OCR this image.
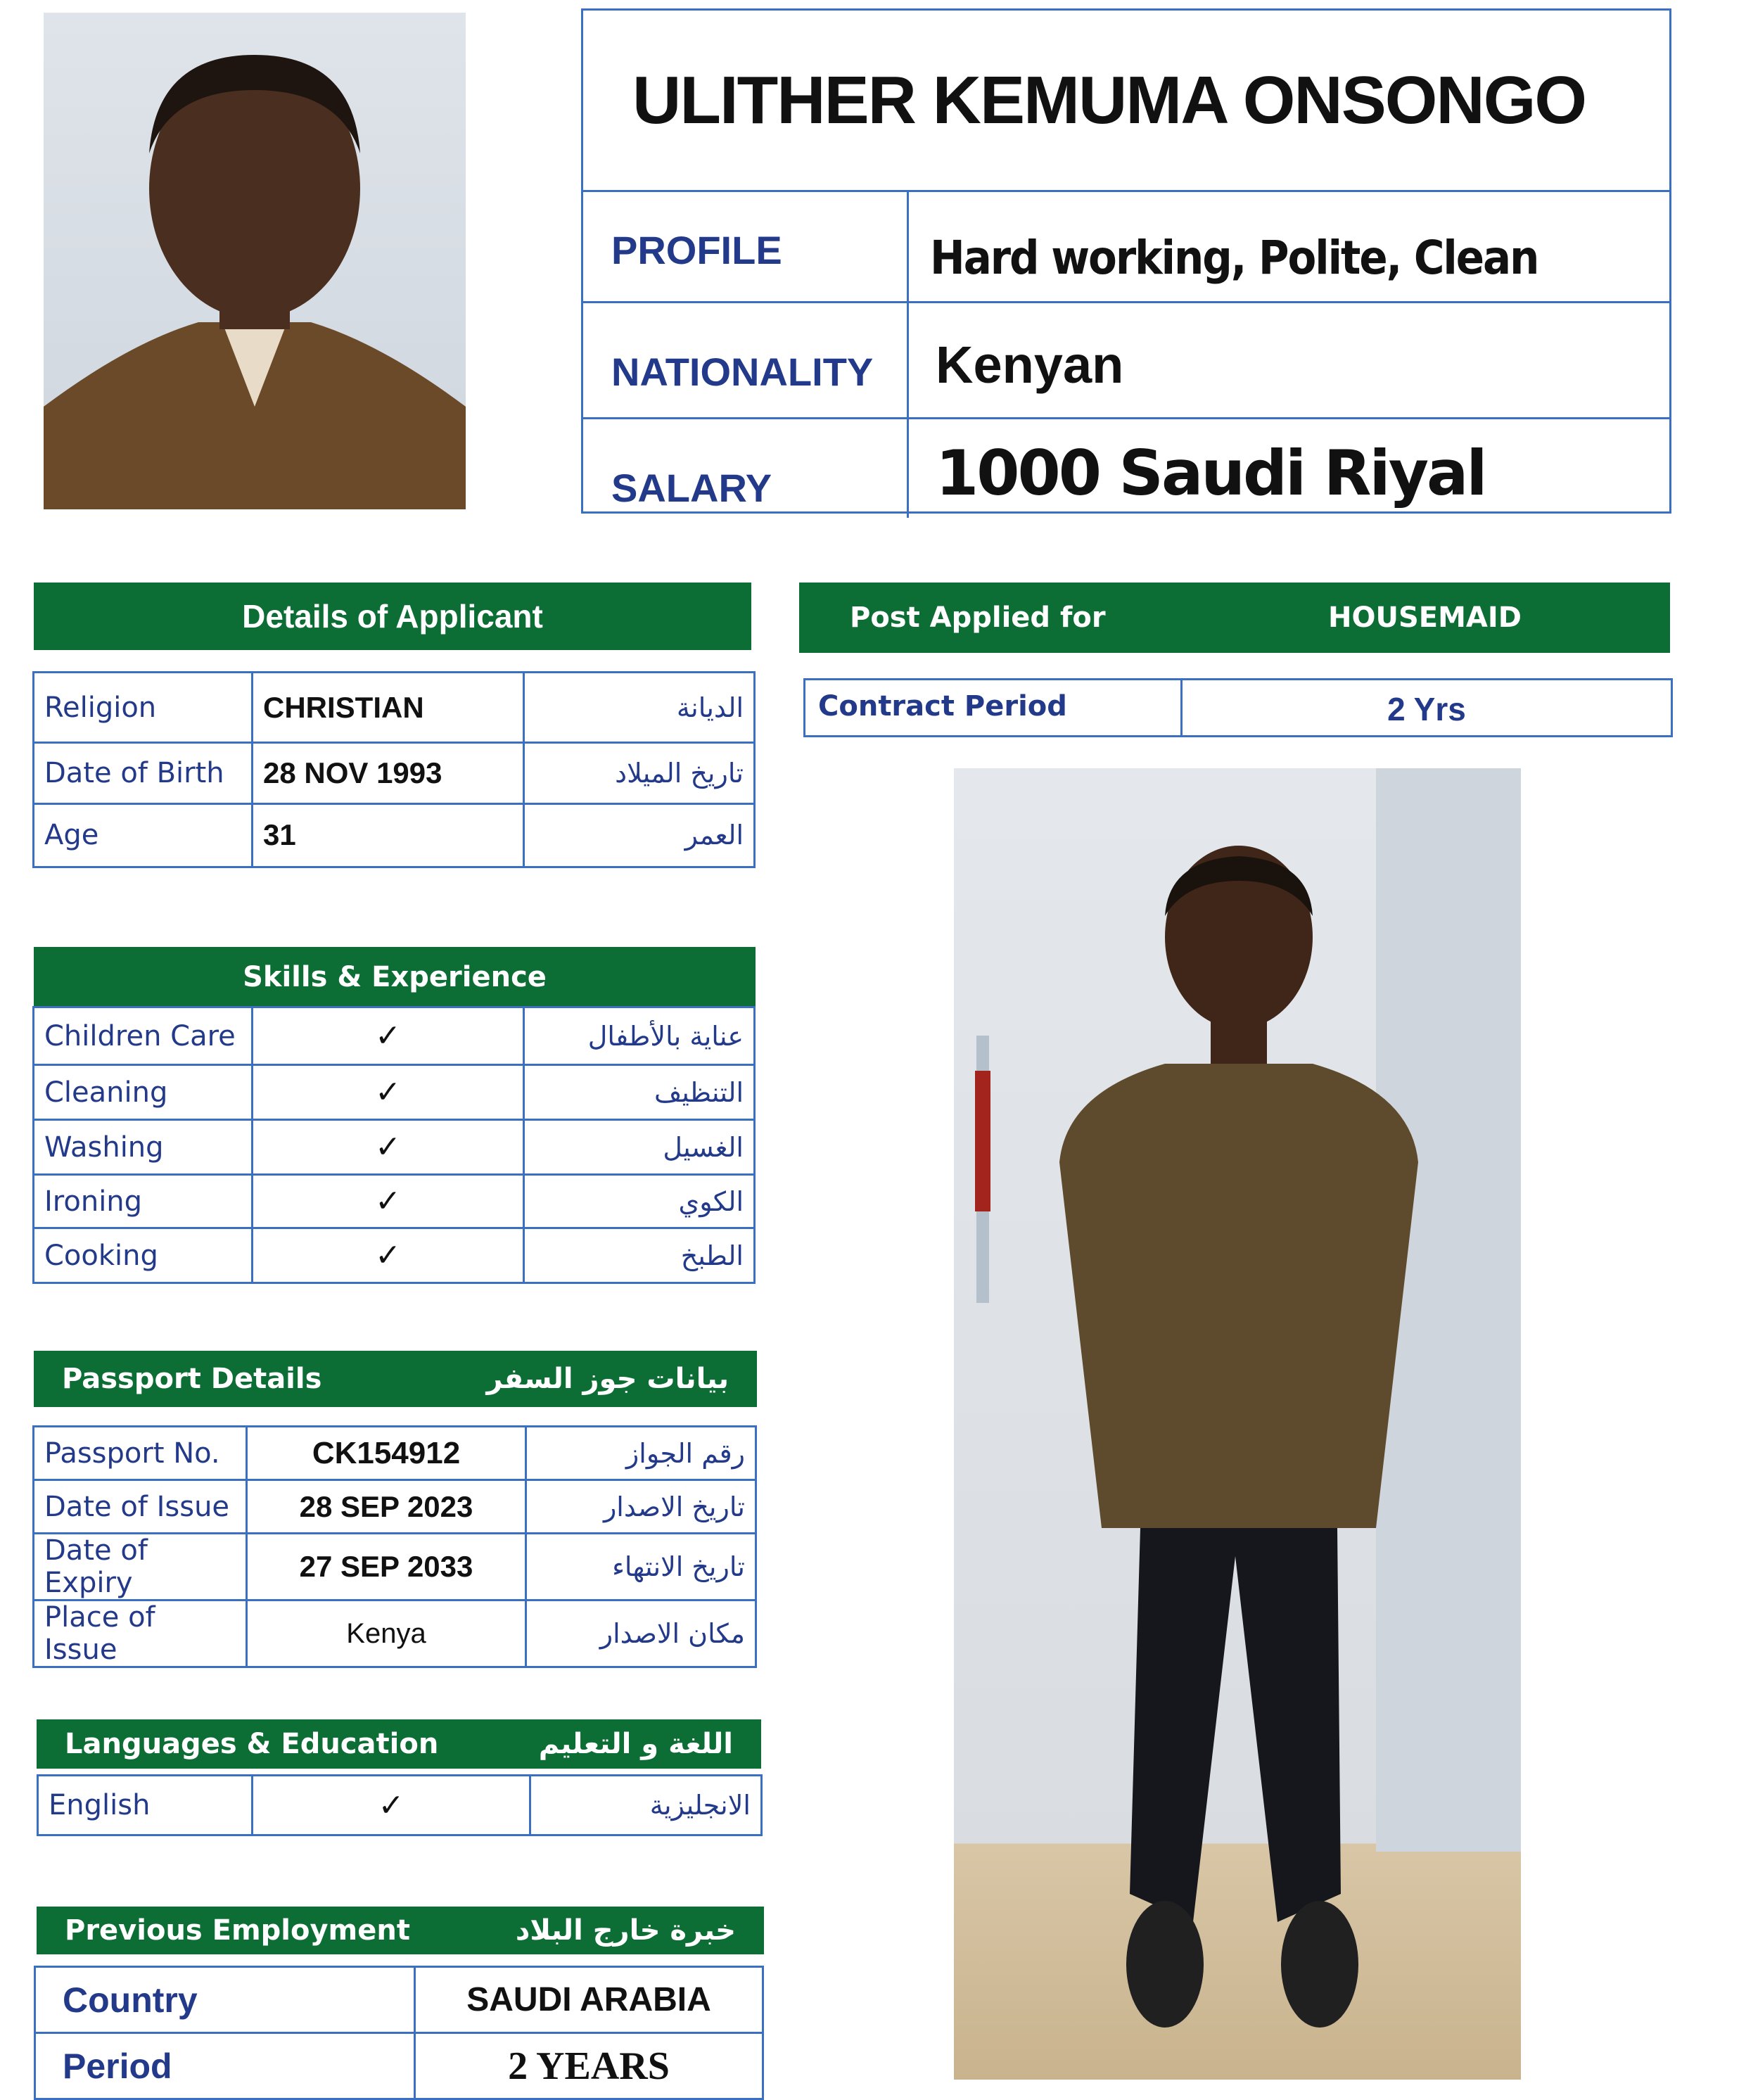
ULITHER KEMUMA ONSONGO
PROFILE	Hard working, Polite, Clean
NATIONALITY	Kenyan
SALARY	1000 Saudi Riyal
Details of Applicant
Religion	CHRISTIAN	الديانة
Date of Birth	28 NOV 1993	تاريخ الميلاد
Age	31	العمر
Post Applied for	HOUSEMAID
Contract Period	2 Yrs
Skills & Experience
Children Care	✓	عناية بالأطفال
Cleaning	✓	التنظيف
Washing	✓	الغسيل
Ironing	✓	الكوي
Cooking	✓	الطبخ
Passport Details	بيانات جوز السفر
Passport No.	CK154912	رقم الجواز
Date of Issue	28 SEP 2023	تاريخ الاصدار
Date of Expiry	27 SEP 2033	تاريخ الانتهاء
Place of Issue	Kenya	مكان الاصدار
Languages & Education	اللغة و التعليم
English	✓	الانجليزية
Previous Employment	خبرة خارج البلاد
Country	SAUDI ARABIA
Period	2 YEARS
